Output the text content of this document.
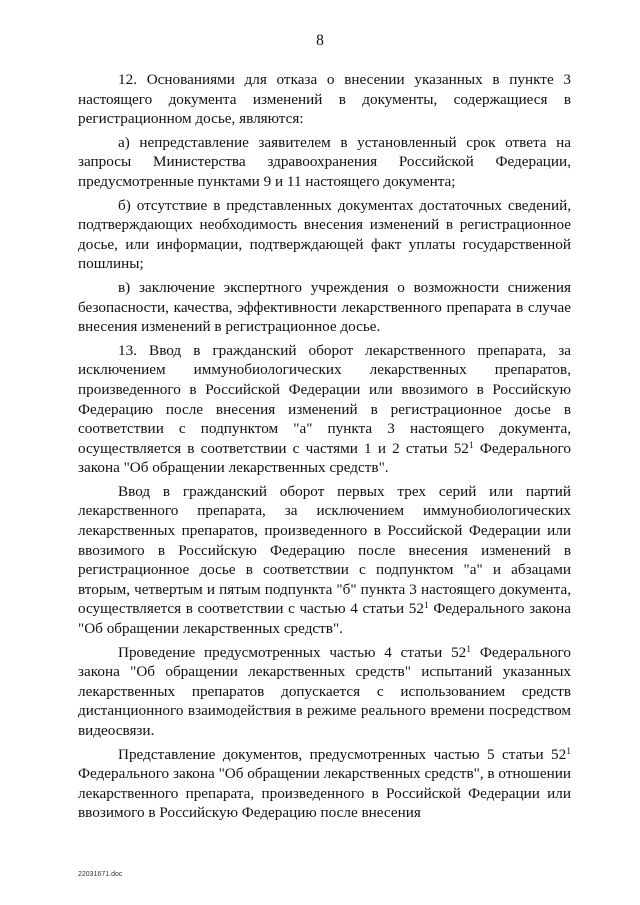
8

12. Основаниями для отказа о внесении указанных в пункте 3 настоящего документа изменений в документы, содержащиеся в регистрационном досье, являются:

а) непредставление заявителем в установленный срок ответа на запросы Министерства здравоохранения Российской Федерации, предусмотренные пунктами 9 и 11 настоящего документа;

б) отсутствие в представленных документах достаточных сведений, подтверждающих необходимость внесения изменений в регистрационное досье, или информации, подтверждающей факт уплаты государственной пошлины;

в) заключение экспертного учреждения о возможности снижения безопасности, качества, эффективности лекарственного препарата в случае внесения изменений в регистрационное досье.

13. Ввод в гражданский оборот лекарственного препарата, за исключением иммунобиологических лекарственных препаратов, произведенного в Российской Федерации или ввозимого в Российскую Федерацию после внесения изменений в регистрационное досье в соответствии с подпунктом "а" пункта 3 настоящего документа, осуществляется в соответствии с частями 1 и 2 статьи $52^1$ Федерального закона "Об обращении лекарственных средств".

Ввод в гражданский оборот первых трех серий или партий лекарственного препарата, за исключением иммунобиологических лекарственных препаратов, произведенного в Российской Федерации или ввозимого в Российскую Федерацию после внесения изменений в регистрационное досье в соответствии с подпунктом "а" и абзацами вторым, четвертым и пятым подпункта "б" пункта 3 настоящего документа, осуществляется в соответствии с частью 4 статьи $52^1$ Федерального закона "Об обращении лекарственных средств".

Проведение предусмотренных частью 4 статьи $52^1$ Федерального закона "Об обращении лекарственных средств" испытаний указанных лекарственных препаратов допускается с использованием средств дистанционного взаимодействия в режиме реального времени посредством видеосвязи.

Представление документов, предусмотренных частью 5 статьи $52^1$ Федерального закона "Об обращении лекарственных средств", в отношении лекарственного препарата, произведенного в Российской Федерации или ввозимого в Российскую Федерацию после внесения

22031671.doc
